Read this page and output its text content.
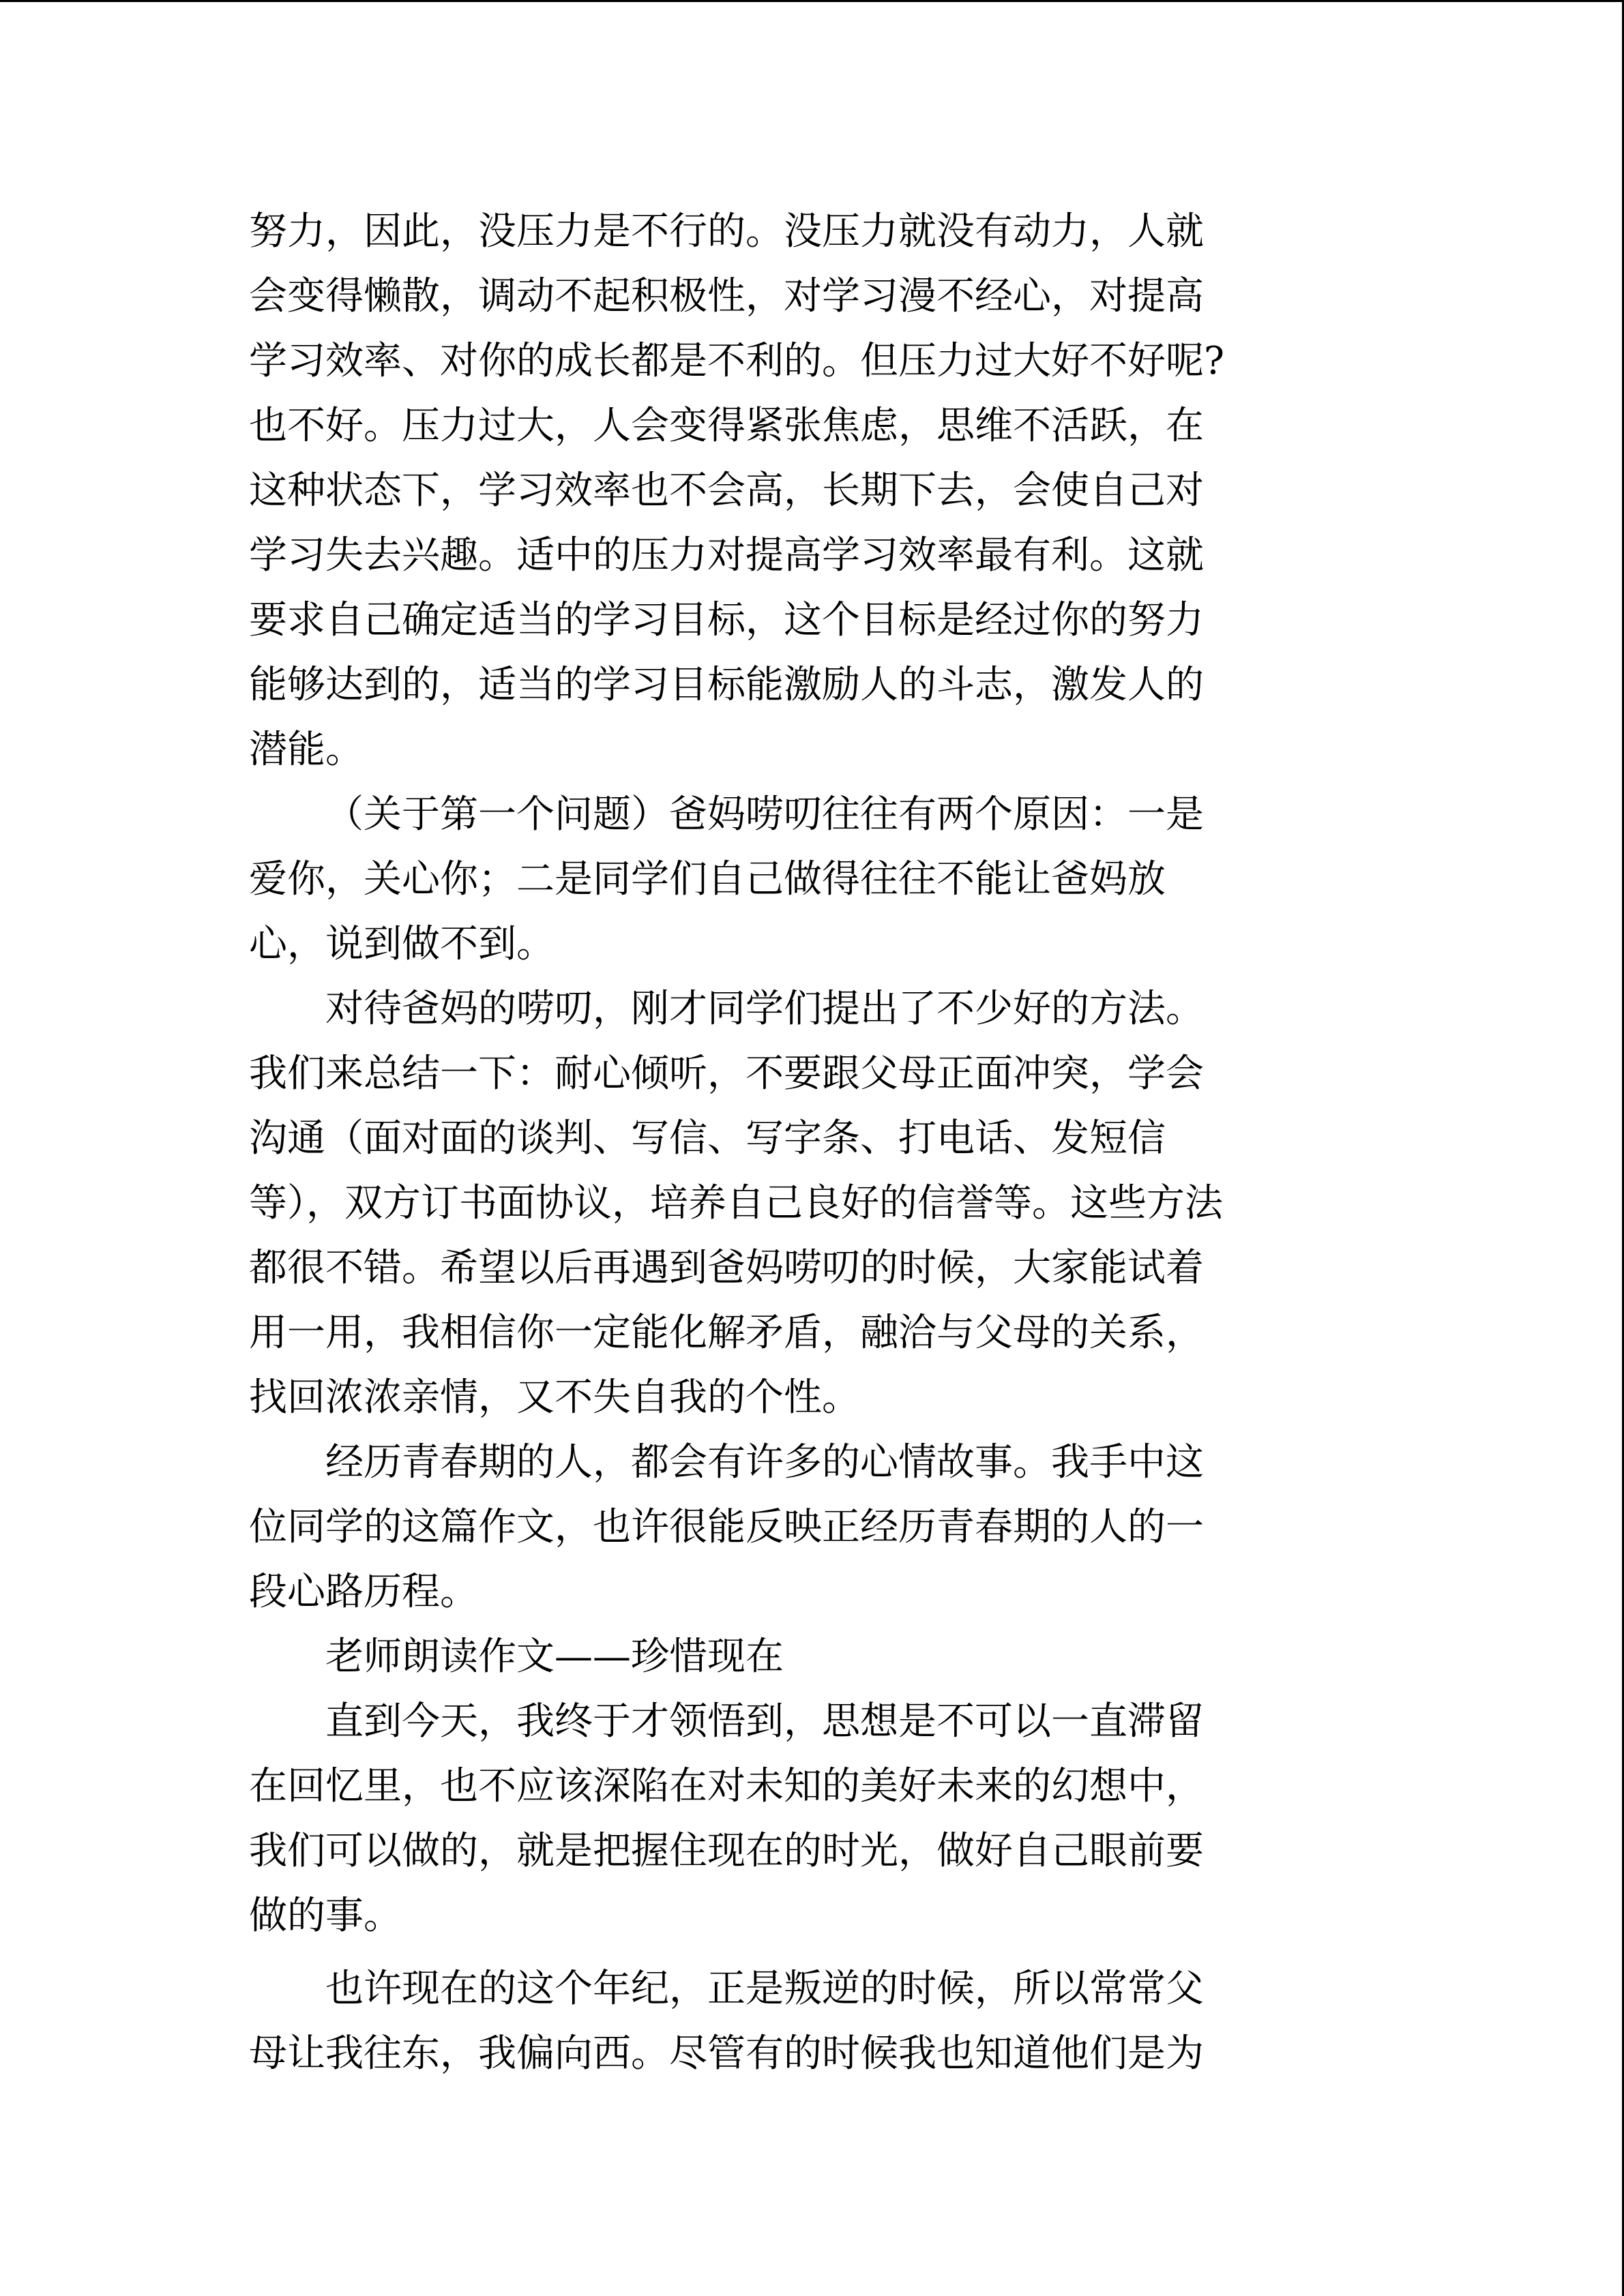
努力，因此，没压力是不行的。没压力就没有动力，人就
会变得懒散，调动不起积极性，对学习漫不经心，对提高
学习效率、对你的成长都是不利的。但压力过大好不好呢?
也不好。压力过大，人会变得紧张焦虑，思维不活跃，在
这种状态下，学习效率也不会高，长期下去，会使自己对
学习失去兴趣。适中的压力对提高学习效率最有利。这就
要求自己确定适当的学习目标，这个目标是经过你的努力
能够达到的，适当的学习目标能激励人的斗志，激发人的
潜能。
（关于第一个问题）爸妈唠叨往往有两个原因：一是
爱你，关心你；二是同学们自己做得往往不能让爸妈放
心，说到做不到。
对待爸妈的唠叨，刚才同学们提出了不少好的方法。
我们来总结一下：耐心倾听，不要跟父母正面冲突，学会
沟通（面对面的谈判、写信、写字条、打电话、发短信
等），双方订书面协议，培养自己良好的信誉等。这些方法
都很不错。希望以后再遇到爸妈唠叨的时候，大家能试着
用一用，我相信你一定能化解矛盾，融洽与父母的关系，
找回浓浓亲情，又不失自我的个性。
经历青春期的人，都会有许多的心情故事。我手中这
位同学的这篇作文，也许很能反映正经历青春期的人的一
段心路历程。
老师朗读作文——珍惜现在
直到今天，我终于才领悟到，思想是不可以一直滞留
在回忆里，也不应该深陷在对未知的美好未来的幻想中，
我们可以做的，就是把握住现在的时光，做好自己眼前要
做的事。
也许现在的这个年纪，正是叛逆的时候，所以常常父
母让我往东，我偏向西。尽管有的时候我也知道他们是为
